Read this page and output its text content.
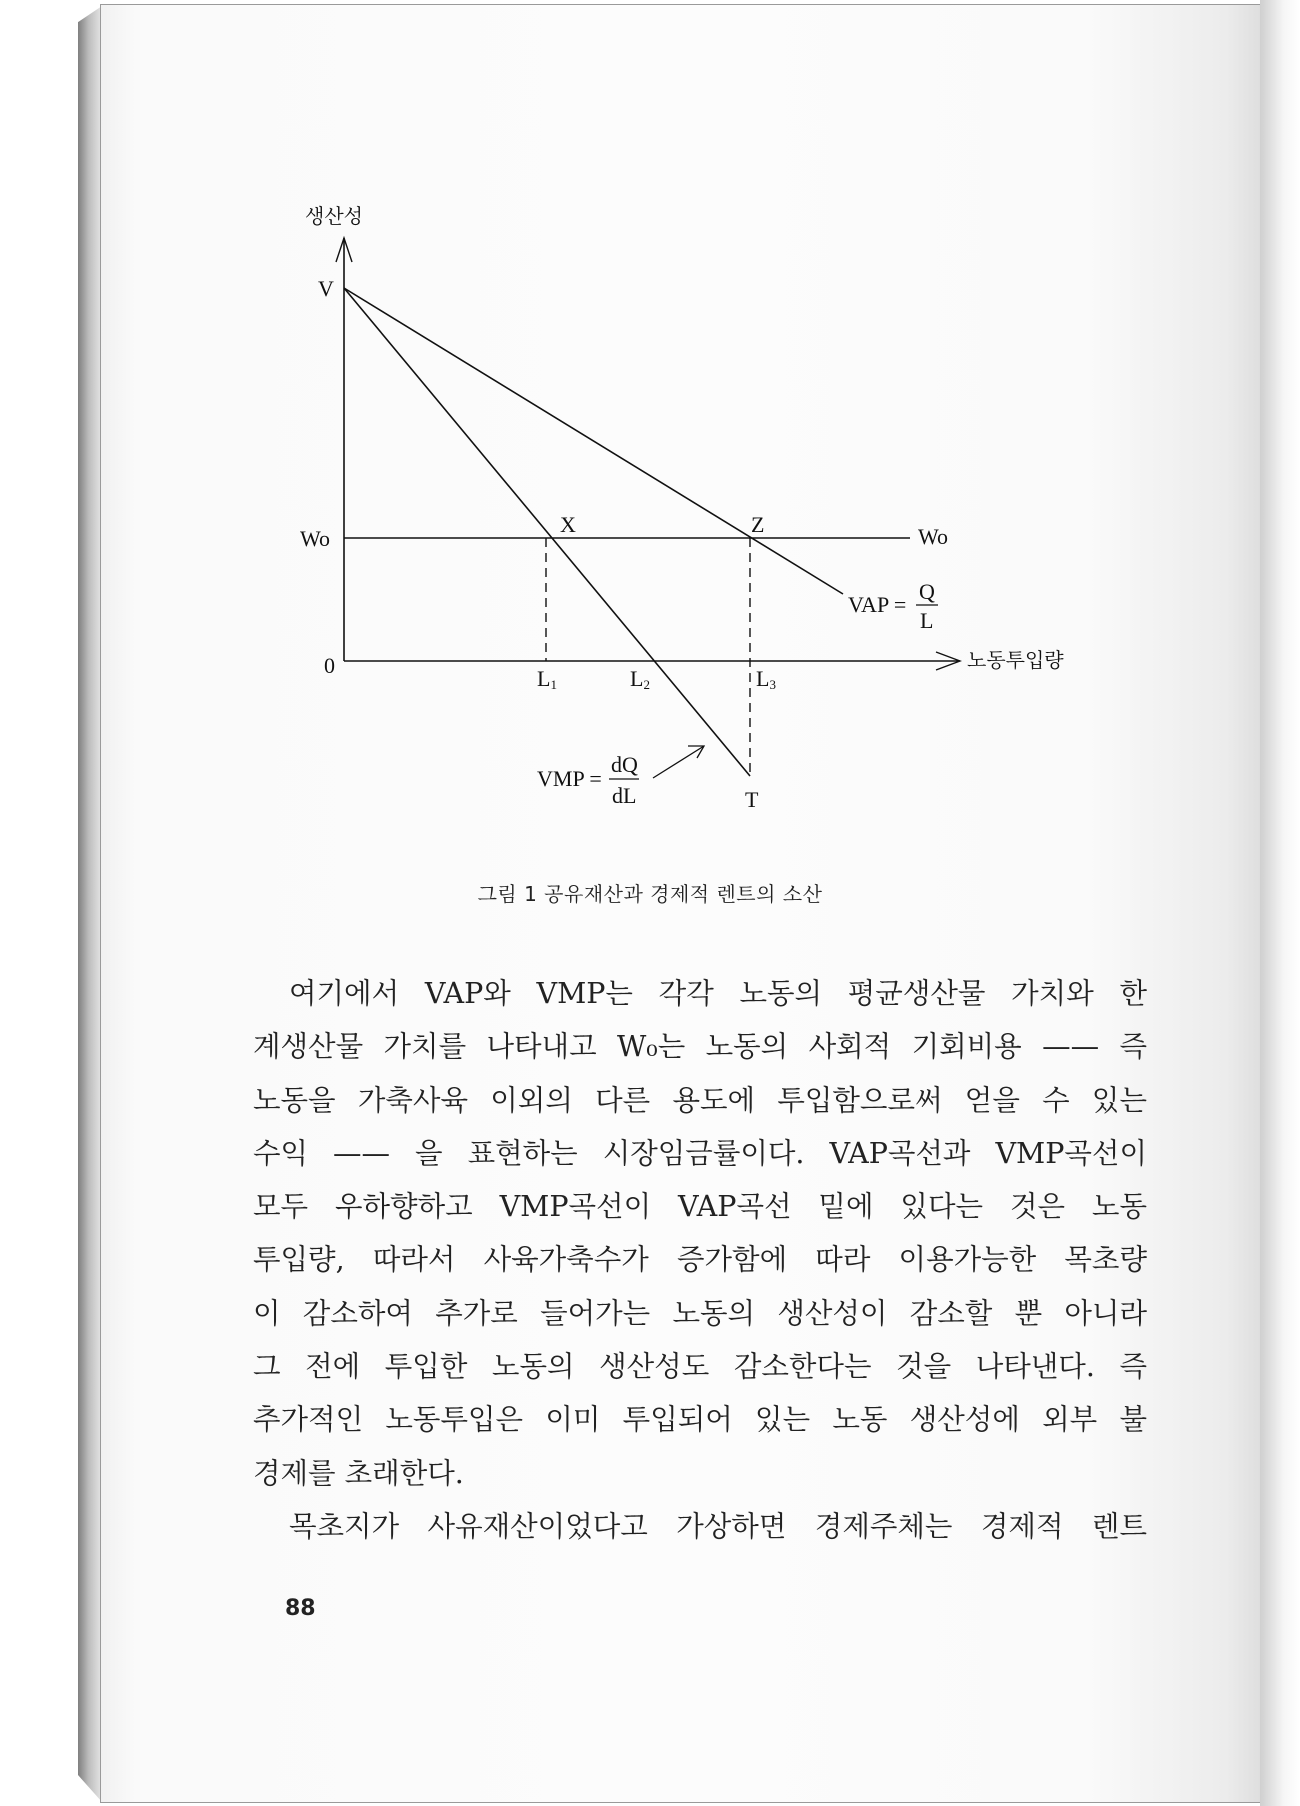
생산성
V
Wo	Wo
0
X	Z
T
L1	L2	L3
VAP =
Q
L
노동투입량
VMP =
dQ
dL
그림 1 공유재산과 경제적 렌트의 소산

여기에서 VAP와 VMP는 각각 노동의 평균생산물 가치와 한

계생산물 가치를 나타내고 W₀는 노동의 사회적 기회비용 —— 즉

노동을 가축사육 이외의 다른 용도에 투입함으로써 얻을 수 있는

수익 —— 을 표현하는 시장임금률이다. VAP곡선과 VMP곡선이

모두 우하향하고 VMP곡선이 VAP곡선 밑에 있다는 것은 노동

투입량, 따라서 사육가축수가 증가함에 따라 이용가능한 목초량

이 감소하여 추가로 들어가는 노동의 생산성이 감소할 뿐 아니라

그 전에 투입한 노동의 생산성도 감소한다는 것을 나타낸다. 즉

추가적인 노동투입은 이미 투입되어 있는 노동 생산성에 외부 불

경제를 초래한다.

목초지가 사유재산이었다고 가상하면 경제주체는 경제적 렌트

88
